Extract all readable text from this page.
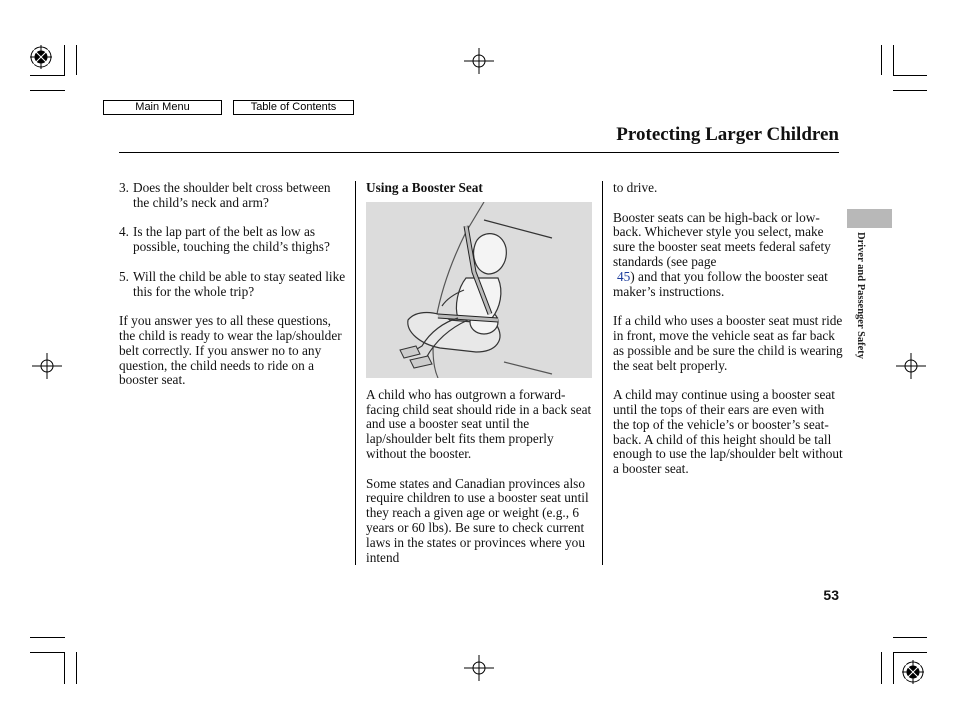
Main Menu	Table of Contents
Protecting Larger Children
3. Does the shoulder belt cross between the child’s neck and arm?
4. Is the lap part of the belt as low as possible, touching the child’s thighs?
5. Will the child be able to stay seated like this for the whole trip?

If you answer yes to all these questions, the child is ready to wear the lap/shoulder belt correctly. If you answer no to any question, the child needs to ride on a booster seat.

Using a Booster Seat

A child who has outgrown a forward-facing child seat should ride in a back seat and use a booster seat until the lap/shoulder belt fits them properly without the booster.

Some states and Canadian provinces also require children to use a booster seat until they reach a given age or weight (e.g., 6 years or 60 lbs). Be sure to check current laws in the states or provinces where you intend

to drive.

Booster seats can be high-back or low-back. Whichever style you select, make sure the booster seat meets federal safety standards (see page
45) and that you follow the booster seat maker’s instructions.

If a child who uses a booster seat must ride in front, move the vehicle seat as far back as possible and be sure the child is wearing the seat belt properly.

A child may continue using a booster seat until the tops of their ears are even with the top of the vehicle’s or booster’s seat-back. A child of this height should be tall enough to use the lap/shoulder belt without a booster seat.

Driver and Passenger Safety
53
